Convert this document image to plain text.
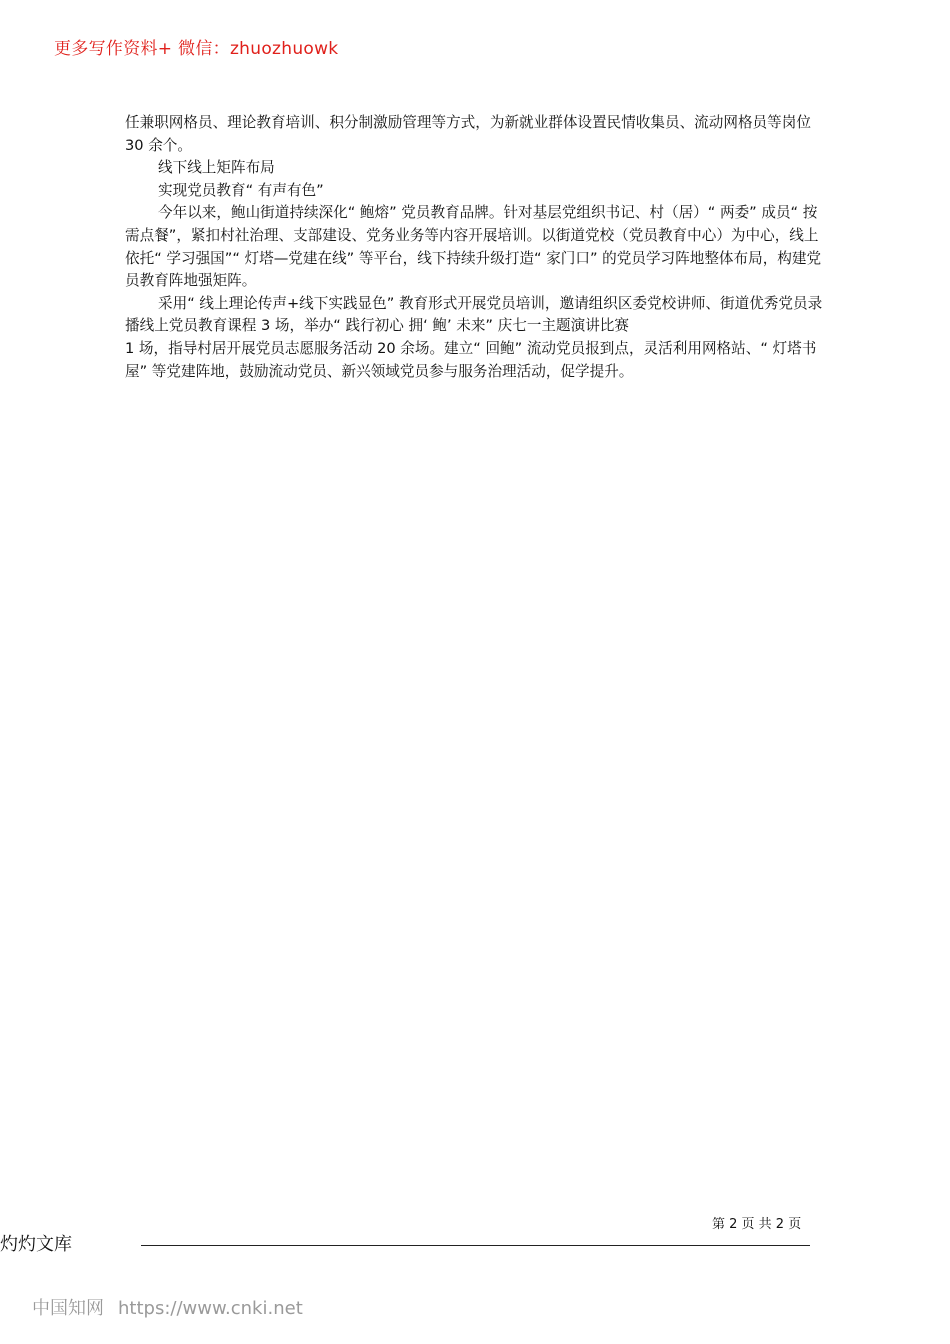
更多写作资料+ 微信：zhuozhuowk

任兼职网格员、理论教育培训、积分制激励管理等方式，为新就业群体设置民情收集员、流动网格员等岗位 30 余个。

线下线上矩阵布局

实现党员教育“ 有声有色”

今年以来，鲍山街道持续深化“ 鲍熔” 党员教育品牌。针对基层党组织书记、村（居）“ 两委” 成员“ 按需点餐”，紧扣村社治理、支部建设、党务业务等内容开展培训。以街道党校（党员教育中心）为中心，线上依托“ 学习强国”“ 灯塔—党建在线” 等平台，线下持续升级打造“ 家门口” 的党员学习阵地整体布局，构建党员教育阵地强矩阵。

采用“ 线上理论传声+线下实践显色” 教育形式开展党员培训，邀请组织区委党校讲师、街道优秀党员录播线上党员教育课程 3 场，举办“ 践行初心 拥‘ 鲍’ 未来” 庆七一主题演讲比赛

1 场，指导村居开展党员志愿服务活动 20 余场。建立“ 回鲍” 流动党员报到点，灵活利用网格站、“ 灯塔书屋” 等党建阵地，鼓励流动党员、新兴领域党员参与服务治理活动，促学提升。

第 2 页 共 2 页
灼灼文库
中国知网 https://www.cnki.net
